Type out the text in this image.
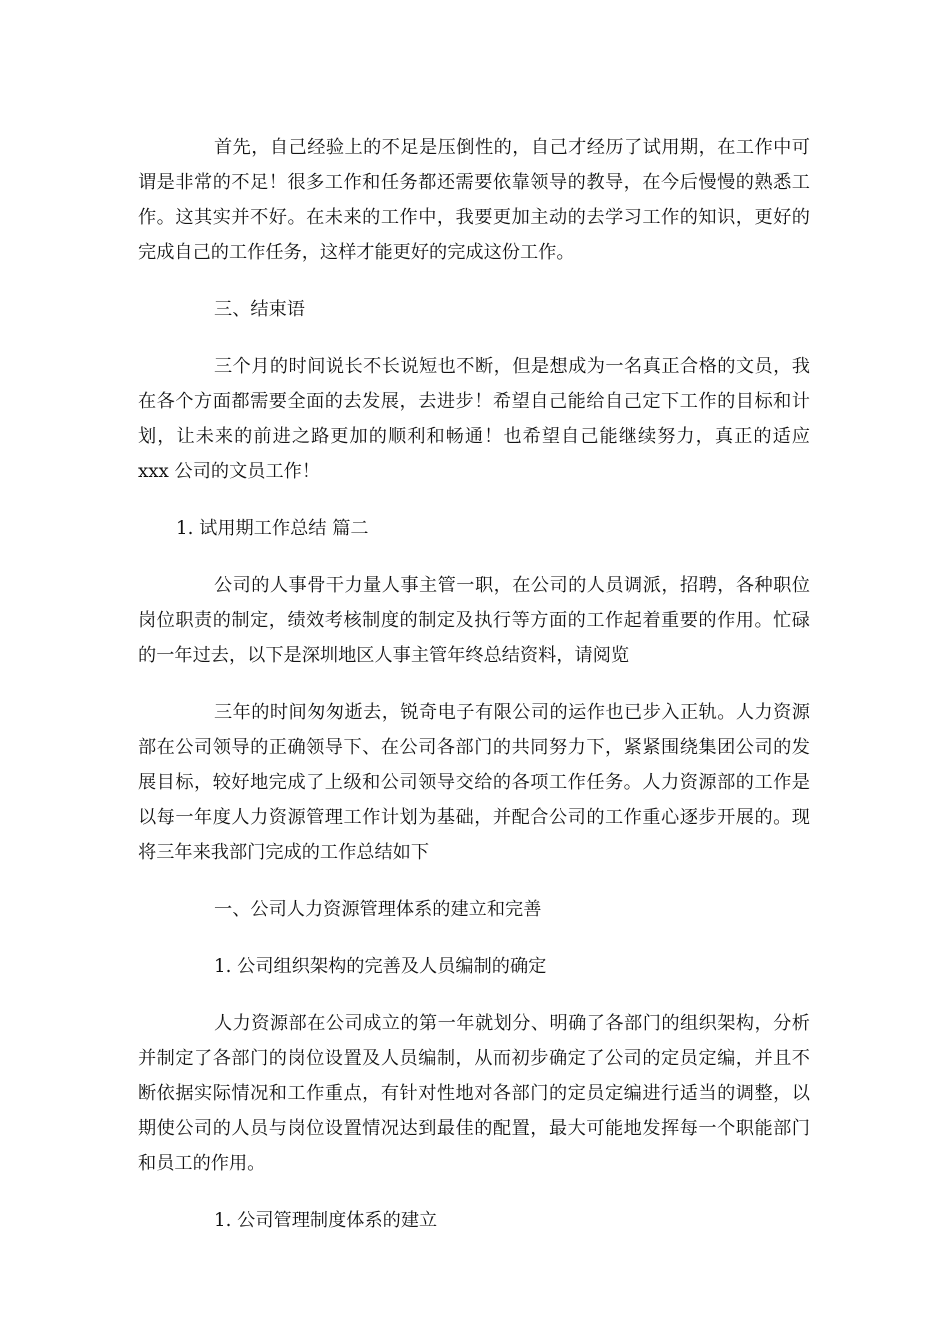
首先，自己经验上的不足是压倒性的，自己才经历了试用期，在工作中可谓是非常的不足！很多工作和任务都还需要依靠领导的教导，在今后慢慢的熟悉工作。这其实并不好。在未来的工作中，我要更加主动的去学习工作的知识，更好的完成自己的工作任务，这样才能更好的完成这份工作。
三、结束语
三个月的时间说长不长说短也不断，但是想成为一名真正合格的文员，我在各个方面都需要全面的去发展，去进步！希望自己能给自己定下工作的目标和计划，让未来的前进之路更加的顺利和畅通！也希望自己能继续努力，真正的适应 xxx 公司的文员工作！
1. 试用期工作总结 篇二
公司的人事骨干力量人事主管一职，在公司的人员调派，招聘，各种职位岗位职责的制定，绩效考核制度的制定及执行等方面的工作起着重要的作用。忙碌的一年过去，以下是深圳地区人事主管年终总结资料，请阅览
三年的时间匆匆逝去，锐奇电子有限公司的运作也已步入正轨。人力资源部在公司领导的正确领导下、在公司各部门的共同努力下，紧紧围绕集团公司的发展目标，较好地完成了上级和公司领导交给的各项工作任务。人力资源部的工作是以每一年度人力资源管理工作计划为基础，并配合公司的工作重心逐步开展的。现将三年来我部门完成的工作总结如下
一、公司人力资源管理体系的建立和完善
1. 公司组织架构的完善及人员编制的确定
人力资源部在公司成立的第一年就划分、明确了各部门的组织架构，分析并制定了各部门的岗位设置及人员编制，从而初步确定了公司的定员定编，并且不断依据实际情况和工作重点，有针对性地对各部门的定员定编进行适当的调整，以期使公司的人员与岗位设置情况达到最佳的配置，最大可能地发挥每一个职能部门和员工的作用。
1. 公司管理制度体系的建立
